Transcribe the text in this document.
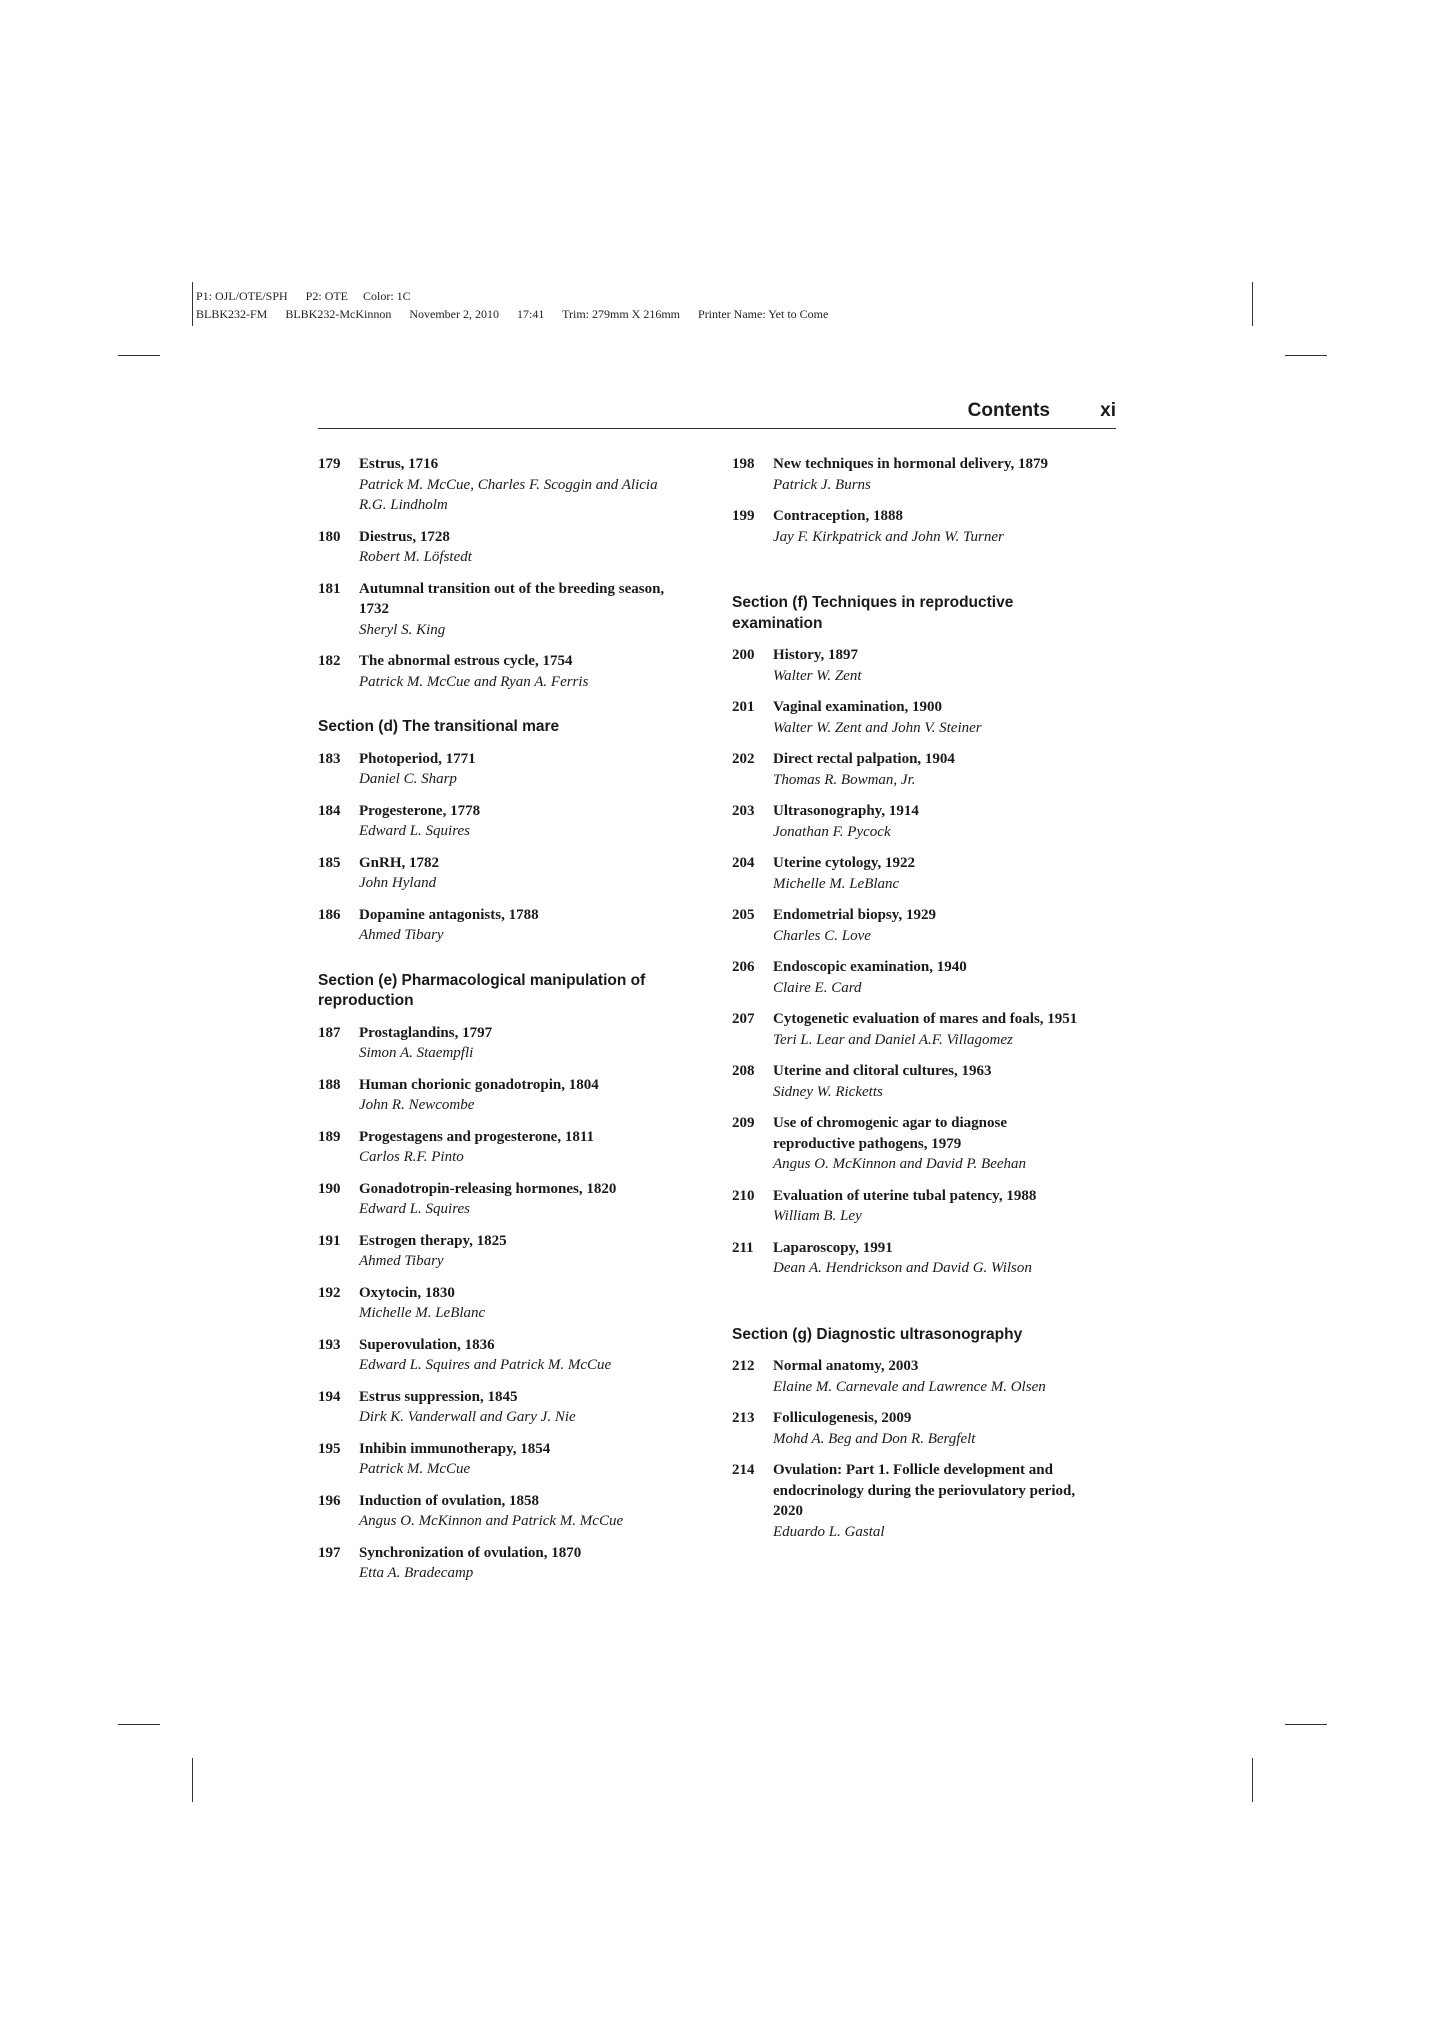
P1: OJL/OTE/SPH      P2: OTE     Color: 1C
BLBK232-FM      BLBK232-McKinnon      November 2, 2010      17:41      Trim: 279mm X 216mm      Printer Name: Yet to Come
Contents	xi
179	Estrus, 1716
Patrick M. McCue, Charles F. Scoggin and Alicia R.G. Lindholm
180	Diestrus, 1728
Robert M. Löfstedt
181	Autumnal transition out of the breeding season, 1732
Sheryl S. King
182	The abnormal estrous cycle, 1754
Patrick M. McCue and Ryan A. Ferris
Section (d) The transitional mare
183	Photoperiod, 1771
Daniel C. Sharp
184	Progesterone, 1778
Edward L. Squires
185	GnRH, 1782
John Hyland
186	Dopamine antagonists, 1788
Ahmed Tibary
Section (e) Pharmacological manipulation of reproduction
187	Prostaglandins, 1797
Simon A. Staempfli
188	Human chorionic gonadotropin, 1804
John R. Newcombe
189	Progestagens and progesterone, 1811
Carlos R.F. Pinto
190	Gonadotropin-releasing hormones, 1820
Edward L. Squires
191	Estrogen therapy, 1825
Ahmed Tibary
192	Oxytocin, 1830
Michelle M. LeBlanc
193	Superovulation, 1836
Edward L. Squires and Patrick M. McCue
194	Estrus suppression, 1845
Dirk K. Vanderwall and Gary J. Nie
195	Inhibin immunotherapy, 1854
Patrick M. McCue
196	Induction of ovulation, 1858
Angus O. McKinnon and Patrick M. McCue
197	Synchronization of ovulation, 1870
Etta A. Bradecamp
198	New techniques in hormonal delivery, 1879
Patrick J. Burns
199	Contraception, 1888
Jay F. Kirkpatrick and John W. Turner
Section (f) Techniques in reproductive examination
200	History, 1897
Walter W. Zent
201	Vaginal examination, 1900
Walter W. Zent and John V. Steiner
202	Direct rectal palpation, 1904
Thomas R. Bowman, Jr.
203	Ultrasonography, 1914
Jonathan F. Pycock
204	Uterine cytology, 1922
Michelle M. LeBlanc
205	Endometrial biopsy, 1929
Charles C. Love
206	Endoscopic examination, 1940
Claire E. Card
207	Cytogenetic evaluation of mares and foals, 1951
Teri L. Lear and Daniel A.F. Villagomez
208	Uterine and clitoral cultures, 1963
Sidney W. Ricketts
209	Use of chromogenic agar to diagnose reproductive pathogens, 1979
Angus O. McKinnon and David P. Beehan
210	Evaluation of uterine tubal patency, 1988
William B. Ley
211	Laparoscopy, 1991
Dean A. Hendrickson and David G. Wilson
Section (g) Diagnostic ultrasonography
212	Normal anatomy, 2003
Elaine M. Carnevale and Lawrence M. Olsen
213	Folliculogenesis, 2009
Mohd A. Beg and Don R. Bergfelt
214	Ovulation: Part 1. Follicle development and endocrinology during the periovulatory period, 2020
Eduardo L. Gastal
